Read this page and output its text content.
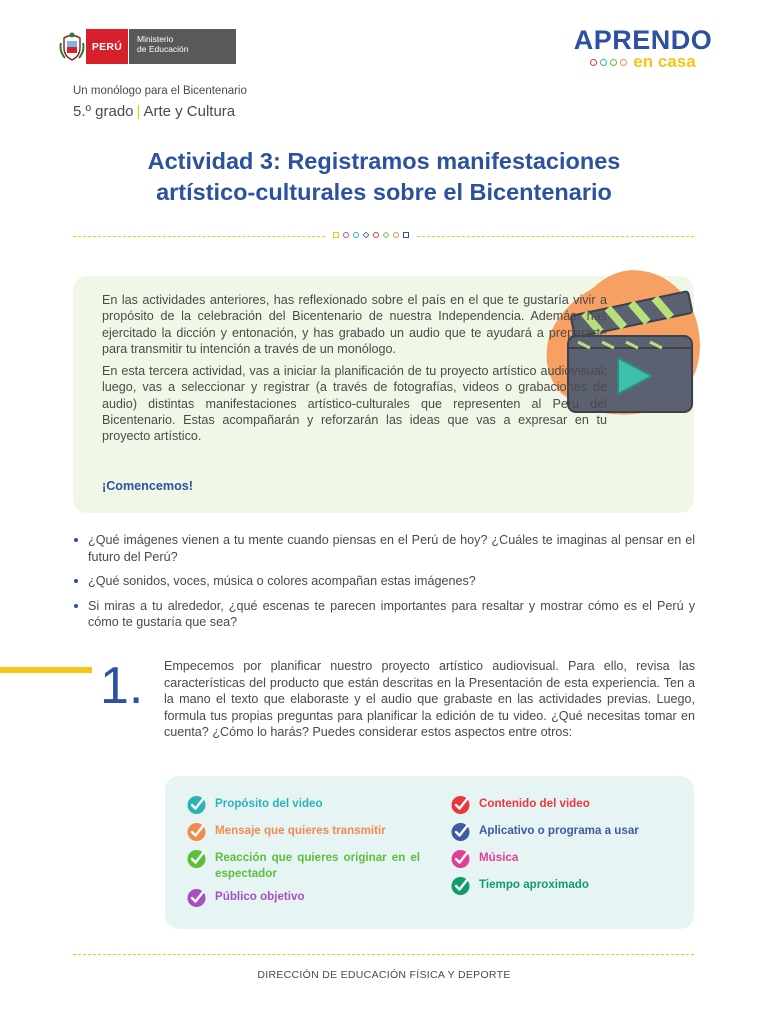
PERÚ
Ministerio
de Educación	APRENDO
en casa
Un monólogo para el Bicentenario
5.º grado | Arte y Cultura
Actividad 3: Registramos manifestaciones
artístico-culturales sobre el Bicentenario

En las actividades anteriores, has reflexionado sobre el país en el que te gustaría vivir a propósito de la celebración del Bicentenario de nuestra Independencia. Además, has ejercitado la dicción y entonación, y has grabado un audio que te ayudará a prepararte para transmitir tu intención a través de un monólogo.

En esta tercera actividad, vas a iniciar la planificación de tu proyecto artístico audiovisual; luego, vas a seleccionar y registrar (a través de fotografías, videos o grabaciones de audio) distintas manifestaciones artístico-culturales que representen al Perú del Bicentenario. Estas acompañarán y reforzarán las ideas que vas a expresar en tu proyecto artístico.

¡Comencemos!
¿Qué imágenes vienen a tu mente cuando piensas en el Perú de hoy? ¿Cuáles te imaginas al pensar en el futuro del Perú?
¿Qué sonidos, voces, música o colores acompañan estas imágenes?
Si miras a tu alrededor, ¿qué escenas te parecen importantes para resaltar y mostrar cómo es el Perú y cómo te gustaría que sea?
1. Empecemos por planificar nuestro proyecto artístico audiovisual. Para ello, revisa las características del producto que están descritas en la Presentación de esta experiencia. Ten a la mano el texto que elaboraste y el audio que grabaste en las actividades previas. Luego, formula tus propias preguntas para planificar la edición de tu video. ¿Qué necesitas tomar en cuenta? ¿Cómo lo harás? Puedes considerar estos aspectos entre otros:
Propósito del video
Mensaje que quieres transmitir
Reacción que quieres originar en el espectador
Público objetivo
Contenido del video
Aplicativo o programa a usar
Música
Tiempo aproximado
DIRECCIÓN DE EDUCACIÓN FÍSICA Y DEPORTE
